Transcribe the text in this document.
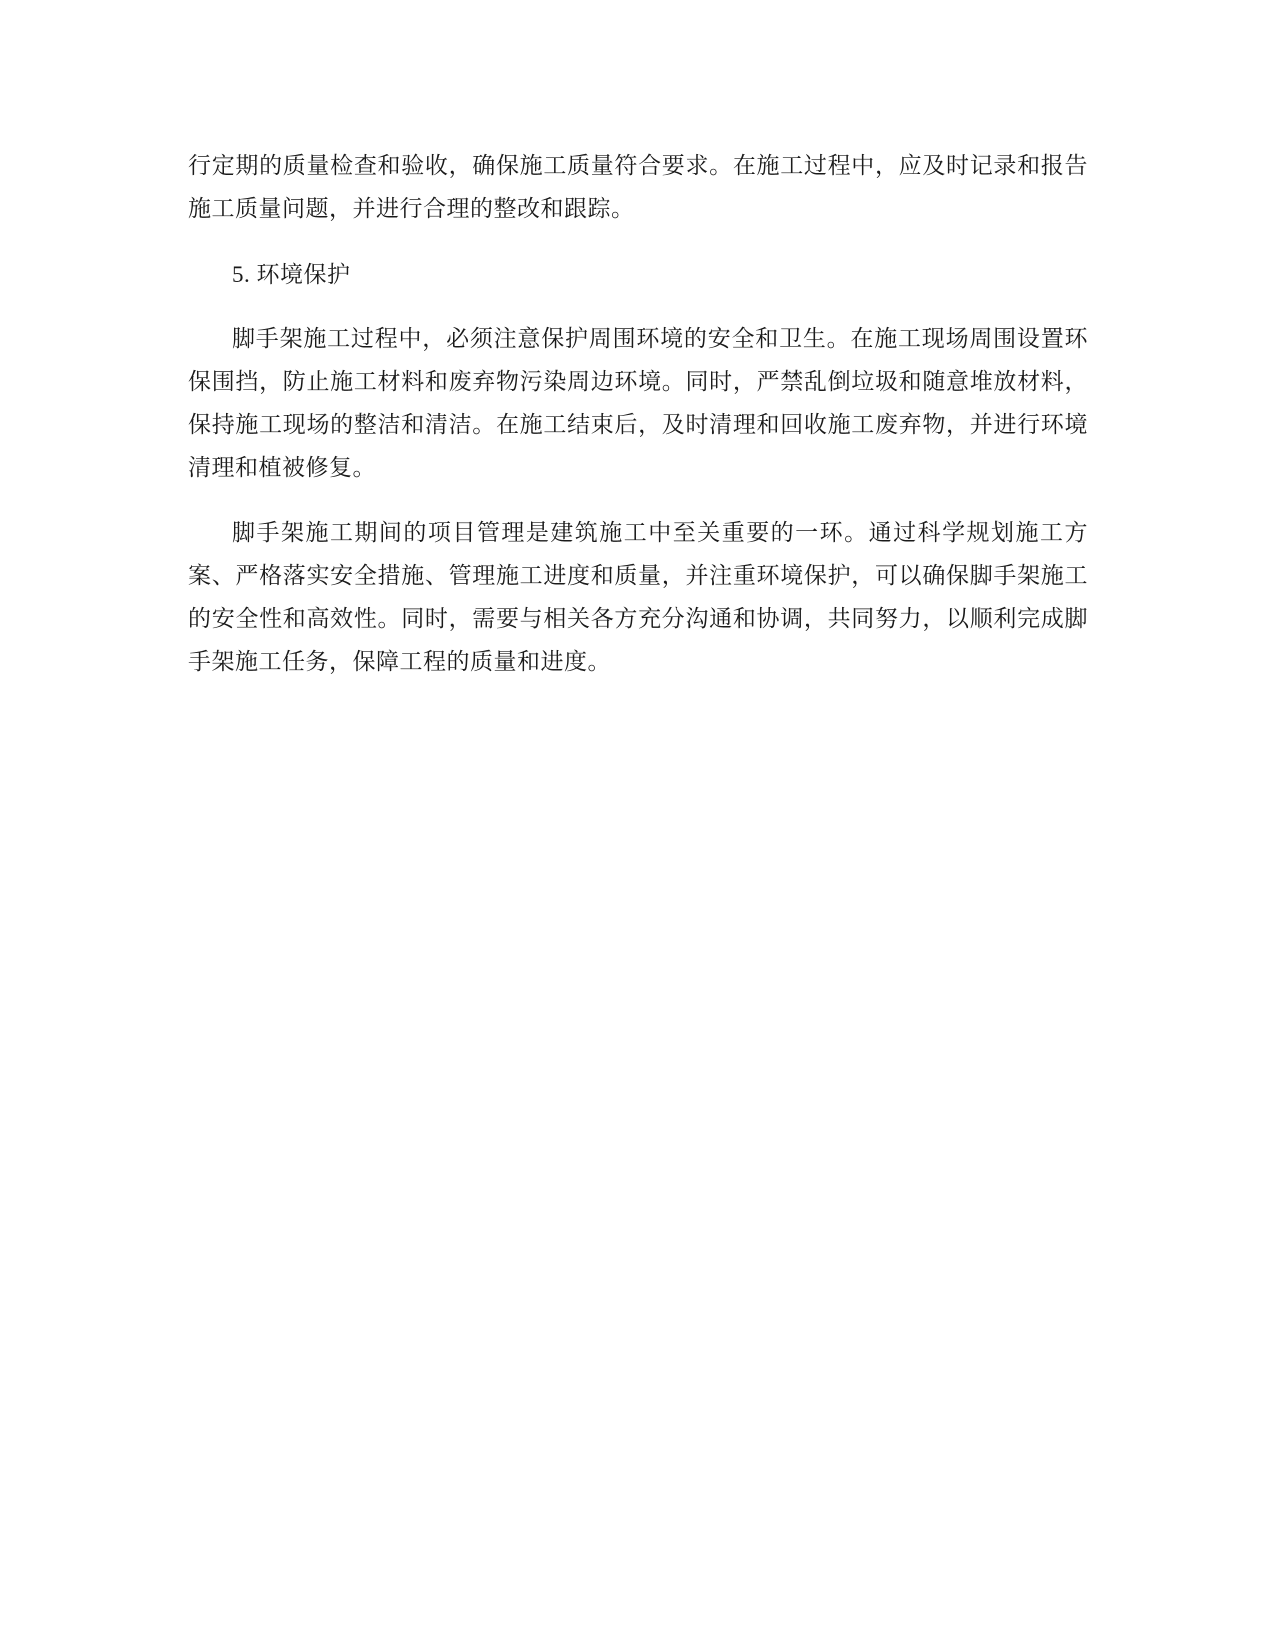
行定期的质量检查和验收，确保施工质量符合要求。在施工过程中，应及时记录和报告施工质量问题，并进行合理的整改和跟踪。

5. 环境保护

脚手架施工过程中，必须注意保护周围环境的安全和卫生。在施工现场周围设置环保围挡，防止施工材料和废弃物污染周边环境。同时，严禁乱倒垃圾和随意堆放材料，保持施工现场的整洁和清洁。在施工结束后，及时清理和回收施工废弃物，并进行环境清理和植被修复。

脚手架施工期间的项目管理是建筑施工中至关重要的一环。通过科学规划施工方案、严格落实安全措施、管理施工进度和质量，并注重环境保护，可以确保脚手架施工的安全性和高效性。同时，需要与相关各方充分沟通和协调，共同努力，以顺利完成脚手架施工任务，保障工程的质量和进度。
